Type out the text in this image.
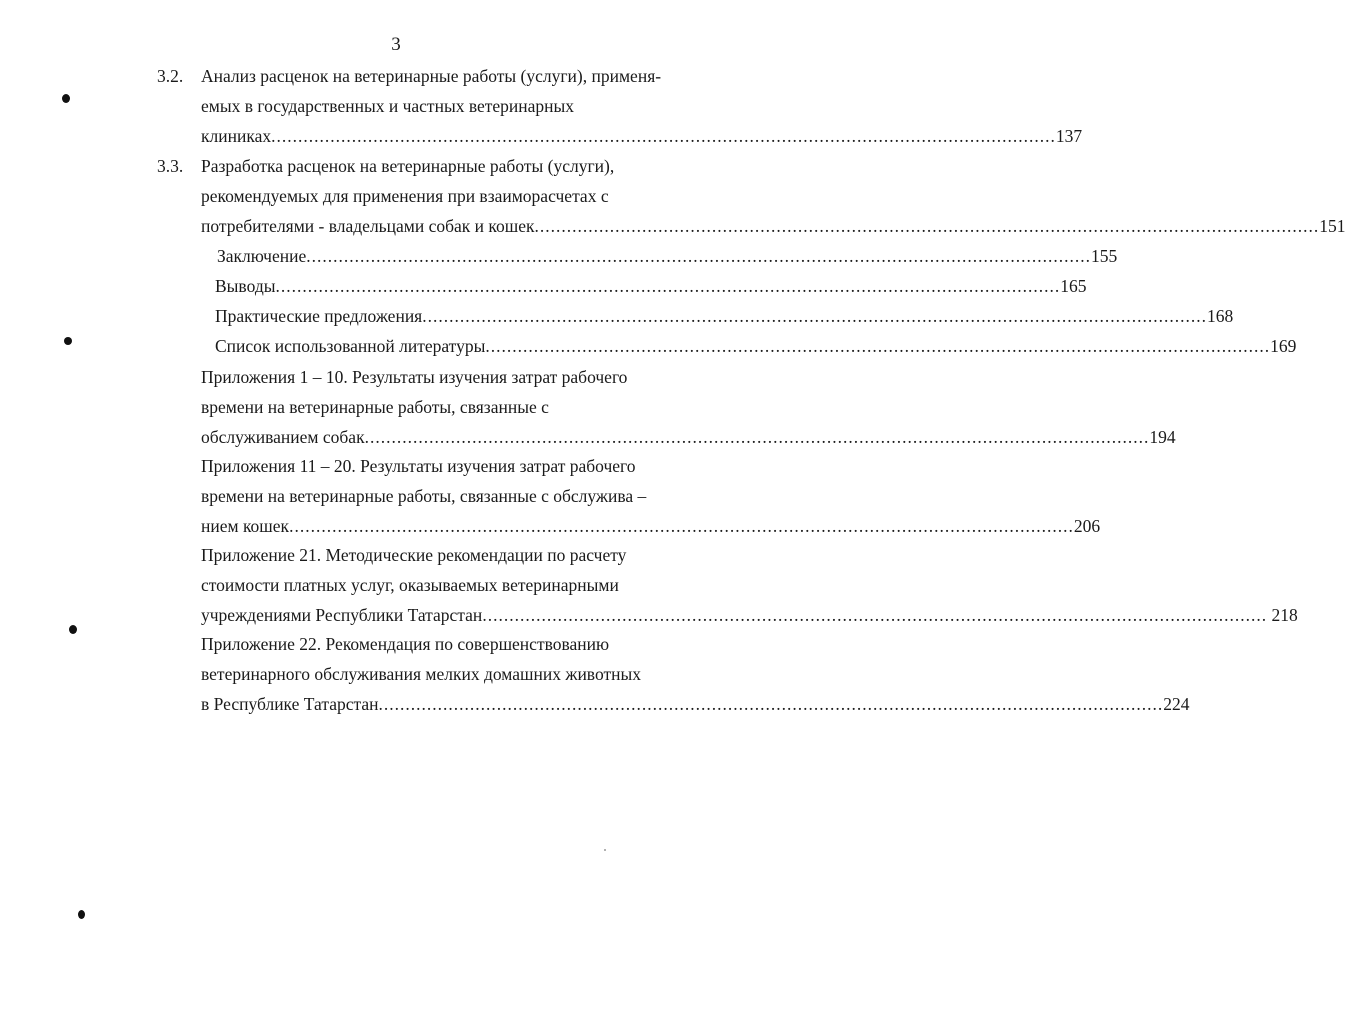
3
3.2. Анализ расценок на ветеринарные работы (услуги), применя-
емых в государственных и частных ветеринарных
клиниках .................................................................................................................................................. 137
3.3. Разработка расценок на ветеринарные работы (услуги),
рекомендуемых для применения при взаиморасчетах с
потребителями - владельцами собак и кошек .................................................................................................................................................. 151
Заключение .................................................................................................................................................. 155
Выводы .................................................................................................................................................. 165
Практические предложения .................................................................................................................................................. 168
Список использованной литературы .................................................................................................................................................. 169
Приложения 1 – 10. Результаты изучения затрат рабочего
времени на ветеринарные работы, связанные с
обслуживанием собак .................................................................................................................................................. 194
Приложения 11 – 20. Результаты изучения затрат рабочего
времени на ветеринарные работы, связанные с обслужива –
нием кошек .................................................................................................................................................. 206
Приложение 21. Методические рекомендации по расчету
стоимости платных услуг, оказываемых ветеринарными
учреждениями Республики Татарстан .................................................................................................................................................. 218
Приложение 22. Рекомендация по совершенствованию
ветеринарного обслуживания мелких домашних животных
в Республике Татарстан .................................................................................................................................................. 224
